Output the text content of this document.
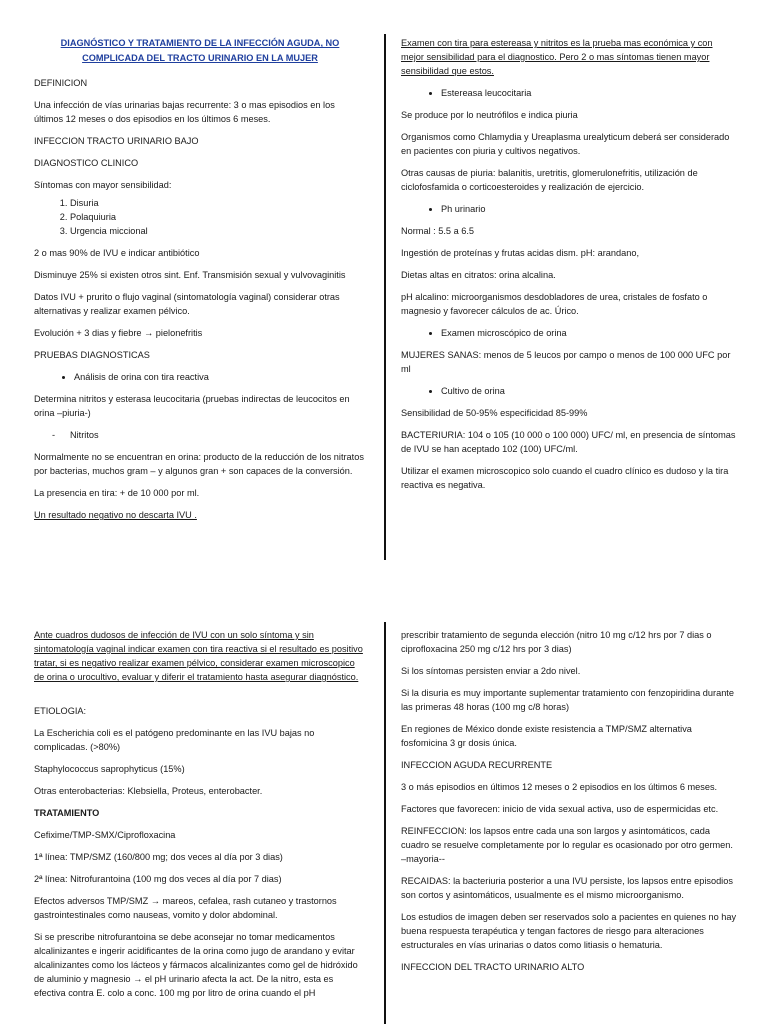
DIAGNÓSTICO Y TRATAMIENTO DE LA INFECCIÓN AGUDA, NO COMPLICADA DEL TRACTO URINARIO EN LA MUJER

DEFINICION

Una infección de vías urinarias bajas recurrente: 3 o mas episodios en los últimos 12 meses o dos episodios en los últimos 6 meses.

INFECCION TRACTO URINARIO BAJO

DIAGNOSTICO CLINICO

Síntomas con mayor sensibilidad:

1. Disuria
2. Polaquiuria
3. Urgencia miccional

2 o mas 90% de IVU e indicar antibiótico

Disminuye 25% si existen otros sint. Enf. Transmisión sexual y vulvovaginitis

Datos IVU + prurito o flujo vaginal (sintomatología vaginal) considerar otras alternativas y realizar examen pélvico.

Evolución + 3 dias y fiebre → pielonefritis

PRUEBAS DIAGNOSTICAS

• Análisis de orina con tira reactiva

Determina nitritos y esterasa leucocitaria (pruebas indirectas de leucocitos en orina –piuria-)

- Nitritos

Normalmente no se encuentran en orina: producto de la reducción de los nitratos por bacterias, muchos gram – y algunos gran + son capaces de la conversión.

La presencia en tira: + de 10 000 por ml.

Un resultado negativo no descarta IVU .

Examen con tira para estereasa y nitritos es la prueba mas económica y con mejor sensibilidad para el diagnostico. Pero 2 o mas síntomas tienen mayor sensibilidad que estos.

• Estereasa leucocitaria

Se produce por lo neutrófilos e indica piuria

Organismos como Chlamydia y Ureaplasma urealyticum deberá ser considerado en pacientes con piuria y cultivos negativos.

Otras causas de piuria: balanitis, uretritis, glomerulonefritis, utilización de ciclofosfamida o corticoesteroides y realización de ejercicio.

• Ph urinario

Normal : 5.5 a 6.5

Ingestión de proteínas y frutas acidas dism. pH: arandano,

Dietas altas en citratos: orina alcalina.

pH alcalino: microorganismos desdobladores de urea, cristales de fosfato o magnesio y favorecer cálculos de ac. Úrico.

• Examen microscópico de orina

MUJERES SANAS: menos de 5 leucos por campo o menos de 100 000 UFC por ml

• Cultivo de orina

Sensibilidad de 50-95% especificidad 85-99%

BACTERIURIA: 104 o 105 (10 000 o 100 000) UFC/ ml, en presencia de síntomas de IVU se han aceptado 102 (100) UFC/ml.

Utilizar el examen microscopico solo cuando el cuadro clínico es dudoso y la tira reactiva es negativa.

Ante cuadros dudosos de infección de IVU con un solo síntoma y sin sintomatología vaginal indicar examen con tira reactiva si el resultado es positivo tratar, si es negativo realizar examen pélvico, considerar examen microscopico de orina o urocultivo, evaluar y diferir el tratamiento hasta asegurar diagnóstico.

ETIOLOGIA:

La Escherichia coli es el patógeno predominante en las IVU bajas no complicadas. (>80%)

Staphylococcus saprophyticus (15%)

Otras enterobacterias: Klebsiella, Proteus, enterobacter.

TRATAMIENTO

Cefixime/TMP-SMX/Ciprofloxacina

1ª línea: TMP/SMZ (160/800 mg; dos veces al día por 3 dias)

2ª línea: Nitrofurantoina (100 mg dos veces al día por 7 dias)

Efectos adversos TMP/SMZ → mareos, cefalea, rash cutaneo y trastornos gastrointestinales como nauseas, vomito y dolor abdominal.

Si se prescribe nitrofurantoina se debe aconsejar no tomar medicamentos alcalinizantes e ingerir acidificantes de la orina como jugo de arandano y evitar alcalinizantes como los lácteos y fármacos alcalinizantes como gel de hidróxido de aluminio y magnesio → el pH urinario afecta la act. De la nitro, esta es efectiva contra E. colo a conc. 100 mg por litro de orina cuando el pH

prescribir tratamiento de segunda elección (nitro 10 mg c/12 hrs por 7 dias o ciprofloxacina 250 mg c/12 hrs por 3 dias)

Si los síntomas persisten enviar a 2do nivel.

Si la disuria es muy importante suplementar tratamiento con fenzopiridina durante las primeras 48 horas (100 mg c/8 horas)

En regiones de México donde existe resistencia a TMP/SMZ alternativa fosfomicina 3 gr dosis única.

INFECCION AGUDA RECURRENTE

3 o más episodios en últimos 12 meses o 2 episodios en los últimos 6 meses.

Factores que favorecen: inicio de vida sexual activa, uso de espermicidas etc.

REINFECCION: los lapsos entre cada una son largos y asintomáticos, cada cuadro se resuelve completamente por lo regular es ocasionado por otro germen. –mayoria--

RECAIDAS: la bacteriuria posterior a una IVU persiste, los lapsos entre episodios son cortos y asintomáticos, usualmente es el mismo microorganismo.

Los estudios de imagen deben ser reservados solo a pacientes en quienes no hay buena respuesta terapéutica y tengan factores de riesgo para alteraciones estructurales en vías urinarias o datos como litiasis o hematuria.

INFECCION DEL TRACTO URINARIO ALTO
